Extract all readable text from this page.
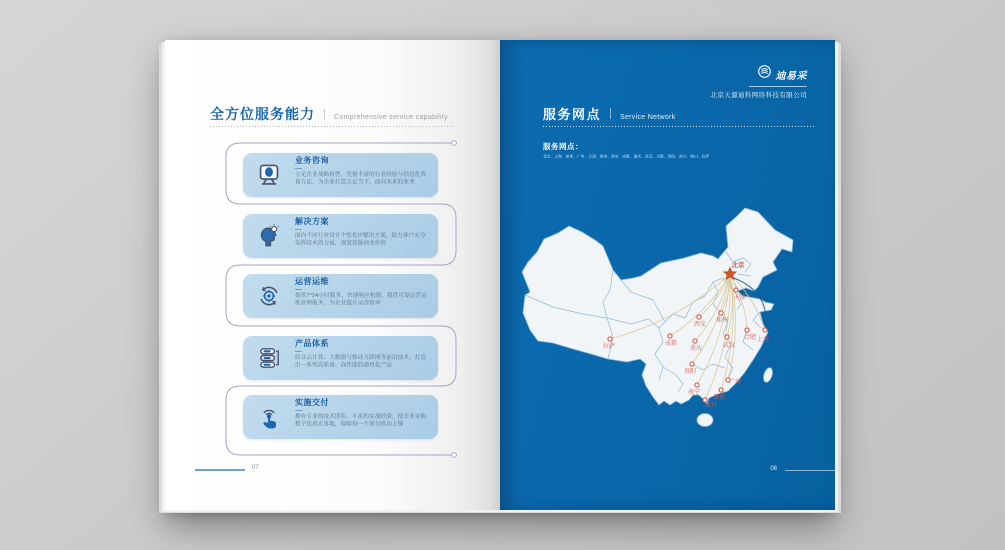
全方位服务能力	Comprehensive service capability
业务咨询
立足企业战略转型，凭借丰富的行业经验与信息化咨询方法，为企业打造立足当下、面向未来的业务
解决方案
面向不同行业设计个性化IT解决方案，助力客户充分发挥技术的力量，深度挖掘商业价值
运营运维
提供7*24小时服务，快速响应机制，提供可靠运营运维管理服务，为企业提升运营效率
产品体系
结合云计算、大数据与移动互联网等前沿技术，打造出一系列高质量、高性能的通用化产品
实施交付
拥有专业的技术团队、丰富的实战经验，使企业采购数字化真正落地，保障每一个项目成功上线
07
迪易采
北京天源迪科网络科技有限公司
服务网点	Service Network
服务网点：
北京、上海、深圳、广州、天津、郑州、西安、成都、重庆、武汉、合肥、贵阳、南宁、海口、拉萨
天津
郑州
西安
合肥 上海
成都	武汉
拉萨	重庆
贵阳
广州
南宁
深圳
海口
北京
08
